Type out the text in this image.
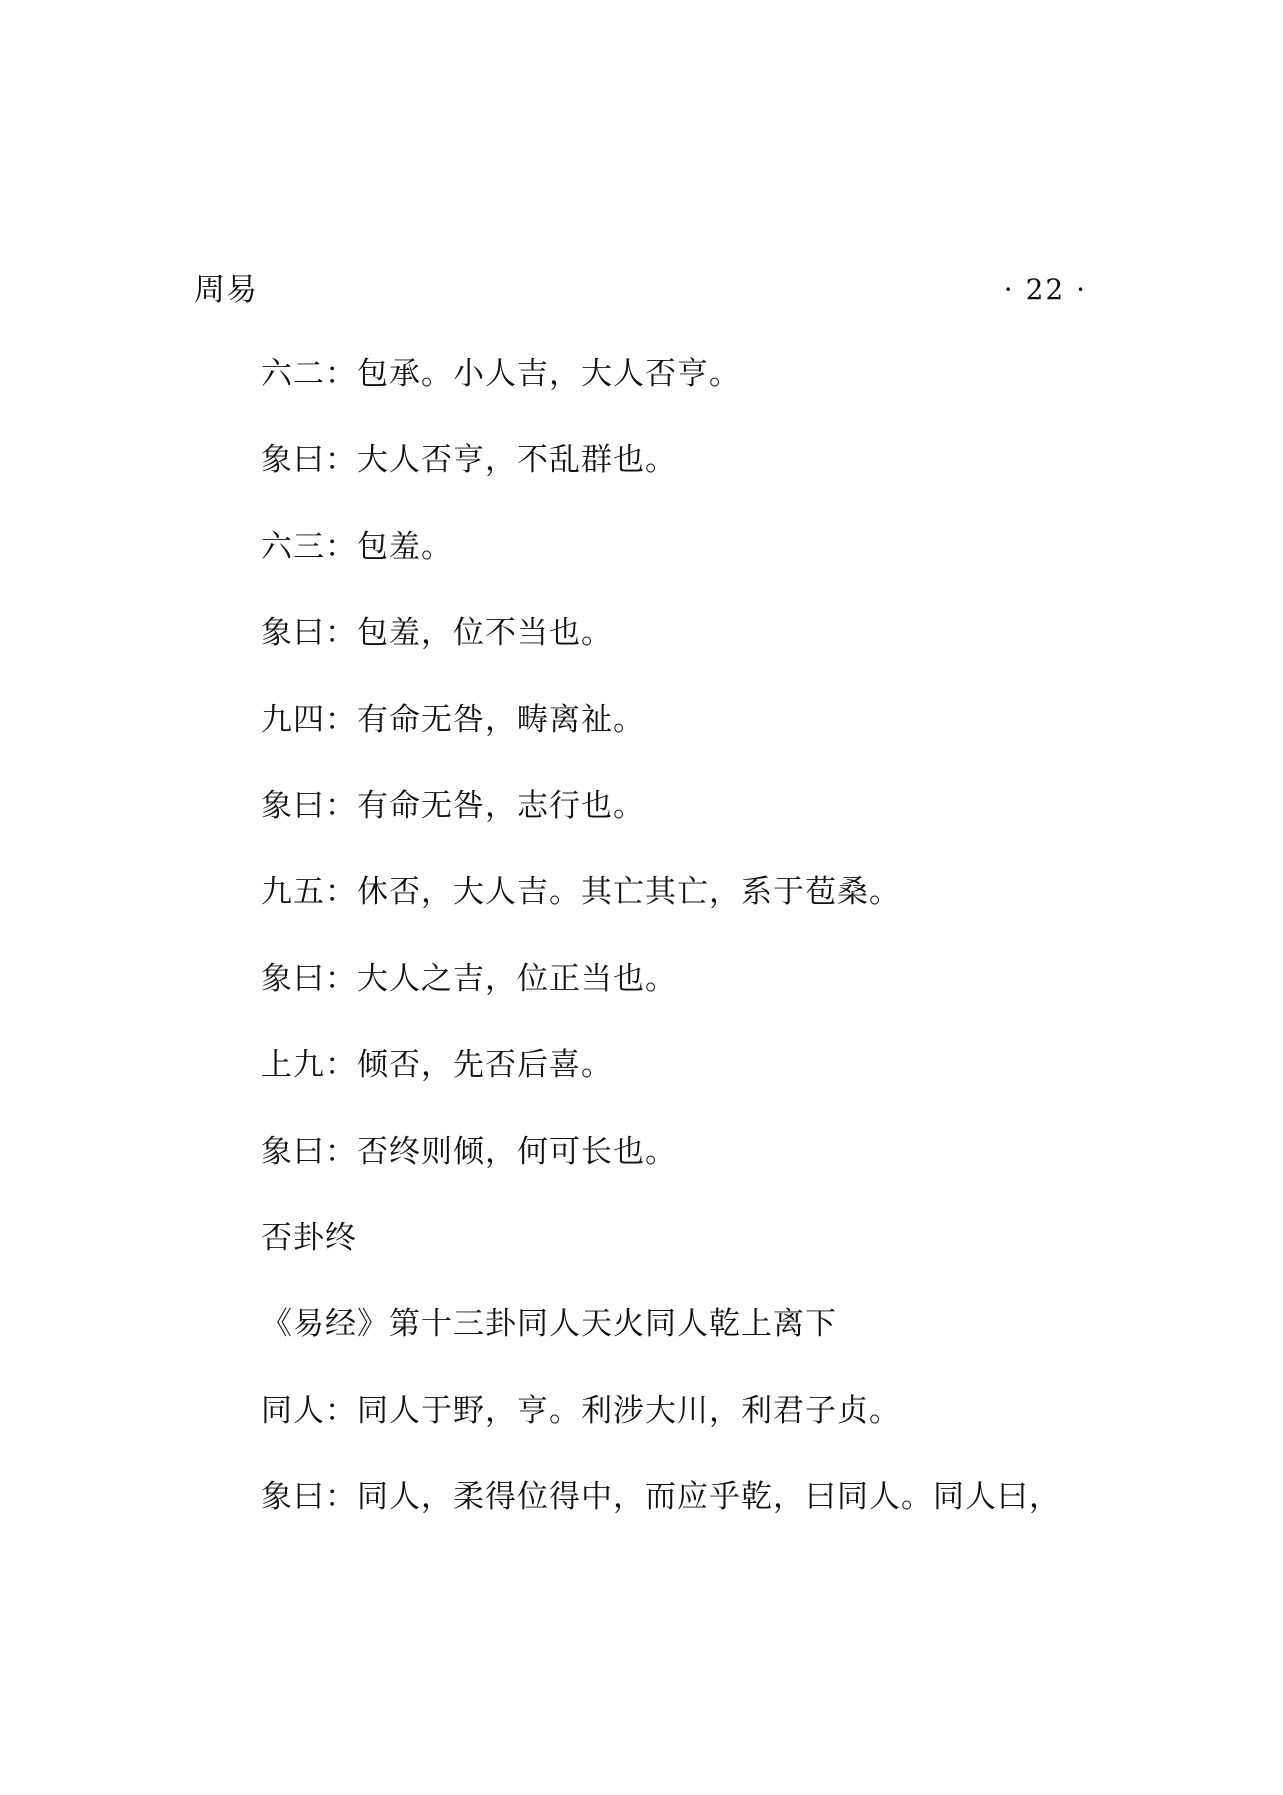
周易	· 22 ·
六二：包承。小人吉，大人否亨。
象曰：大人否亨，不乱群也。
六三：包羞。
象曰：包羞，位不当也。
九四：有命无咎，畴离祉。
象曰：有命无咎，志行也。
九五：休否，大人吉。其亡其亡，系于苞桑。
象曰：大人之吉，位正当也。
上九：倾否，先否后喜。
象曰：否终则倾，何可长也。
否卦终
《易经》第十三卦同人天火同人乾上离下
同人：同人于野，亨。利涉大川，利君子贞。
象曰：同人，柔得位得中，而应乎乾，曰同人。同人曰，
